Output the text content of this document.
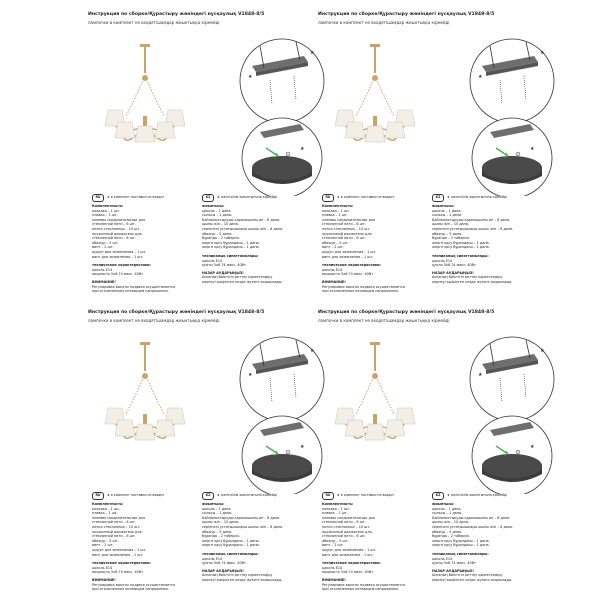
Инструкция по сборке/Құрастыру жөніндегі нұсқаулық V1848-8/5
лампочки в комплект не входят/шамдар жиынтыққа кірмейді
★
★
★
RU	★ в комплект поставки не входит
Комплектность:
колодка – 1 шт.
плавка – 1 шт.
клеммы соединительные для
стеклянной нити – 6 шт.
нитка стеклянных – 10 шт.
пружинный держатель для
стеклянной нити – 6 шт.
абажур – 5 шт.
винт – 2 шт.
шуруп для заземления – 1 шт.
винт для заземления – 1 шт.
технические характеристики:
цоколь Е14
мощность 5х6.74 макс. 40Вт
ВНИМАНИЕ!
Регулировка высоты подвеса осуществляется
при отключенном питающем напряжении.
KZ	★ жеткізілім жиынтығына кірмейді
жиынтығы:
цоколь – 1 дана.
сыльсы – 1 дана.
Байланыстыруды қаралашыны ип – 6 дана.
шыны жіп – 10 дана.
серіппелі ұстағышылары шыны жіп – 6 дана.
абажур – 5 дана.
бұранда – 2 тоберсік.
жерге қосу бұрандасы – 1 дана.
жерге қосу бұрандасы – 1 дана.
техникалық сипаттамалары:
цоколь Е14
қуаты 5х6.74 макс. 40Вт
НАЗАР АУДАРЫҢЫЗ!
Аспаның биіктігін реттеу қоректендіру
кернеуі өшірілген кезде жүзеге асырылады.
Инструкция по сборке/Құрастыру жөніндегі нұсқаулық V1848-8/5
лампочки в комплект не входят/шамдар жиынтыққа кірмейді
★
★
★
RU	★ в комплект поставки не входит
Комплектность:
колодка – 1 шт.
плавка – 1 шт.
клеммы соединительные для
стеклянной нити – 6 шт.
нитка стеклянных – 10 шт.
пружинный держатель для
стеклянной нити – 6 шт.
абажур – 5 шт.
винт – 2 шт.
шуруп для заземления – 1 шт.
винт для заземления – 1 шт.
технические характеристики:
цоколь Е14
мощность 5х6.74 макс. 40Вт
ВНИМАНИЕ!
Регулировка высоты подвеса осуществляется
при отключенном питающем напряжении.
KZ	★ жеткізілім жиынтығына кірмейді
жиынтығы:
цоколь – 1 дана.
сыльсы – 1 дана.
Байланыстыруды қаралашыны ип – 6 дана.
шыны жіп – 10 дана.
серіппелі ұстағышылары шыны жіп – 6 дана.
абажур – 5 дана.
бұранда – 2 тоберсік.
жерге қосу бұрандасы – 1 дана.
жерге қосу бұрандасы – 1 дана.
техникалық сипаттамалары:
цоколь Е14
қуаты 5х6.74 макс. 40Вт
НАЗАР АУДАРЫҢЫЗ!
Аспаның биіктігін реттеу қоректендіру
кернеуі өшірілген кезде жүзеге асырылады.
Инструкция по сборке/Құрастыру жөніндегі нұсқаулық V1848-8/5
лампочки в комплект не входят/шамдар жиынтыққа кірмейді
★
★
★
RU	★ в комплект поставки не входит
Комплектность:
колодка – 1 шт.
плавка – 1 шт.
клеммы соединительные для
стеклянной нити – 6 шт.
нитка стеклянных – 10 шт.
пружинный держатель для
стеклянной нити – 6 шт.
абажур – 5 шт.
винт – 2 шт.
шуруп для заземления – 1 шт.
винт для заземления – 1 шт.
технические характеристики:
цоколь Е14
мощность 5х6.74 макс. 40Вт
ВНИМАНИЕ!
Регулировка высоты подвеса осуществляется
при отключенном питающем напряжении.
KZ	★ жеткізілім жиынтығына кірмейді
жиынтығы:
цоколь – 1 дана.
сыльсы – 1 дана.
Байланыстыруды қаралашыны ип – 6 дана.
шыны жіп – 10 дана.
серіппелі ұстағышылары шыны жіп – 6 дана.
абажур – 5 дана.
бұранда – 2 тоберсік.
жерге қосу бұрандасы – 1 дана.
жерге қосу бұрандасы – 1 дана.
техникалық сипаттамалары:
цоколь Е14
қуаты 5х6.74 макс. 40Вт
НАЗАР АУДАРЫҢЫЗ!
Аспаның биіктігін реттеу қоректендіру
кернеуі өшірілген кезде жүзеге асырылады.
Инструкция по сборке/Құрастыру жөніндегі нұсқаулық V1848-8/5
лампочки в комплект не входят/шамдар жиынтыққа кірмейді
★
★
★
RU	★ в комплект поставки не входит
Комплектность:
колодка – 1 шт.
плавка – 1 шт.
клеммы соединительные для
стеклянной нити – 6 шт.
нитка стеклянных – 10 шт.
пружинный держатель для
стеклянной нити – 6 шт.
абажур – 5 шт.
винт – 2 шт.
шуруп для заземления – 1 шт.
винт для заземления – 1 шт.
технические характеристики:
цоколь Е14
мощность 5х6.74 макс. 40Вт
ВНИМАНИЕ!
Регулировка высоты подвеса осуществляется
при отключенном питающем напряжении.
KZ	★ жеткізілім жиынтығына кірмейді
жиынтығы:
цоколь – 1 дана.
сыльсы – 1 дана.
Байланыстыруды қаралашыны ип – 6 дана.
шыны жіп – 10 дана.
серіппелі ұстағышылары шыны жіп – 6 дана.
абажур – 5 дана.
бұранда – 2 тоберсік.
жерге қосу бұрандасы – 1 дана.
жерге қосу бұрандасы – 1 дана.
техникалық сипаттамалары:
цоколь Е14
қуаты 5х6.74 макс. 40Вт
НАЗАР АУДАРЫҢЫЗ!
Аспаның биіктігін реттеу қоректендіру
кернеуі өшірілген кезде жүзеге асырылады.
